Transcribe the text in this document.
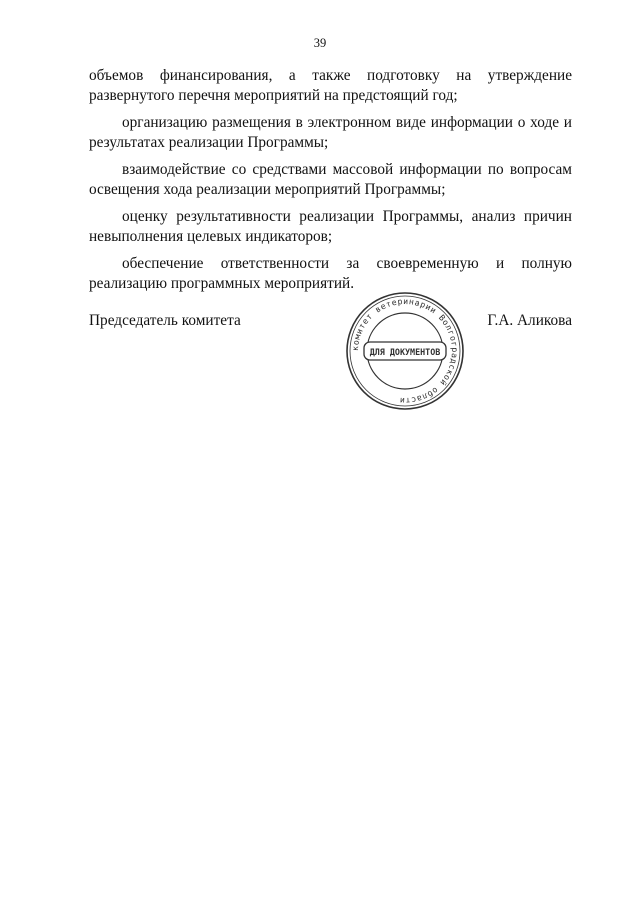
39

объемов финансирования, а также подготовку на утверждение
развернутого перечня мероприятий на предстоящий год;

организацию размещения в электронном виде информации о ходе и
результатах реализации Программы;

взаимодействие со средствами массовой информации по вопросам
освещения хода реализации мероприятий Программы;

оценку результативности реализации Программы, анализ причин
невыполнения целевых индикаторов;

обеспечение ответственности за своевременную и полную
реализацию программных мероприятий.

Председатель комитета	Г.А. Аликова
комитет ветеринарии Волгоградской области
ДЛЯ ДОКУМЕНТОВ
